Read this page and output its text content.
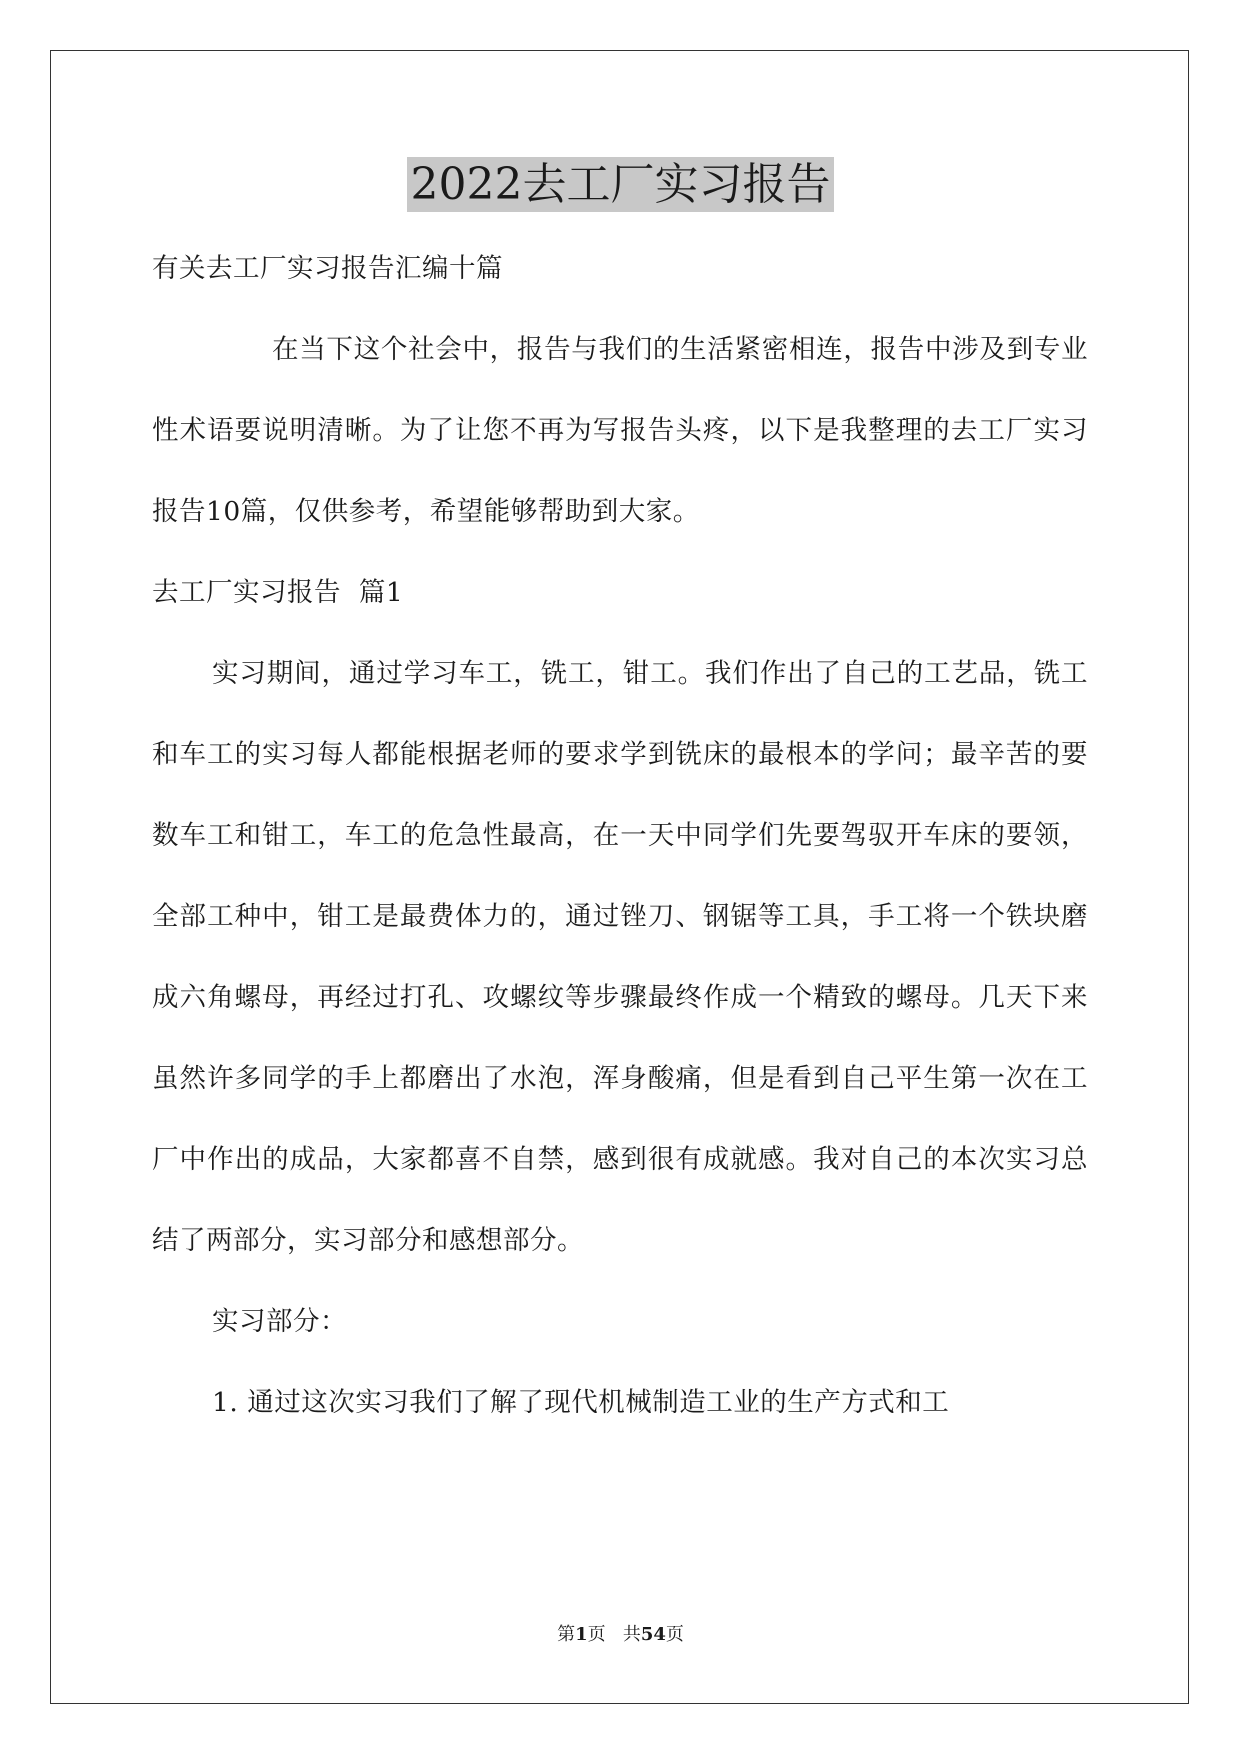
2022去工厂实习报告

有关去工厂实习报告汇编十篇

在当下这个社会中，报告与我们的生活紧密相连，报告中涉及到专业性术语要说明清晰。为了让您不再为写报告头疼，以下是我整理的去工厂实习报告10篇，仅供参考，希望能够帮助到大家。

去工厂实习报告  篇1

实习期间，通过学习车工，铣工，钳工。我们作出了自己的工艺品，铣工和车工的实习每人都能根据老师的要求学到铣床的最根本的学问；最辛苦的要数车工和钳工，车工的危急性最高，在一天中同学们先要驾驭开车床的要领，全部工种中，钳工是最费体力的，通过锉刀、钢锯等工具，手工将一个铁块磨成六角螺母，再经过打孔、攻螺纹等步骤最终作成一个精致的螺母。几天下来虽然许多同学的手上都磨出了水泡，浑身酸痛，但是看到自己平生第一次在工厂中作出的成品，大家都喜不自禁，感到很有成就感。我对自己的本次实习总结了两部分，实习部分和感想部分。

实习部分：

1. 通过这次实习我们了解了现代机械制造工业的生产方式和工

第1页 共54页
